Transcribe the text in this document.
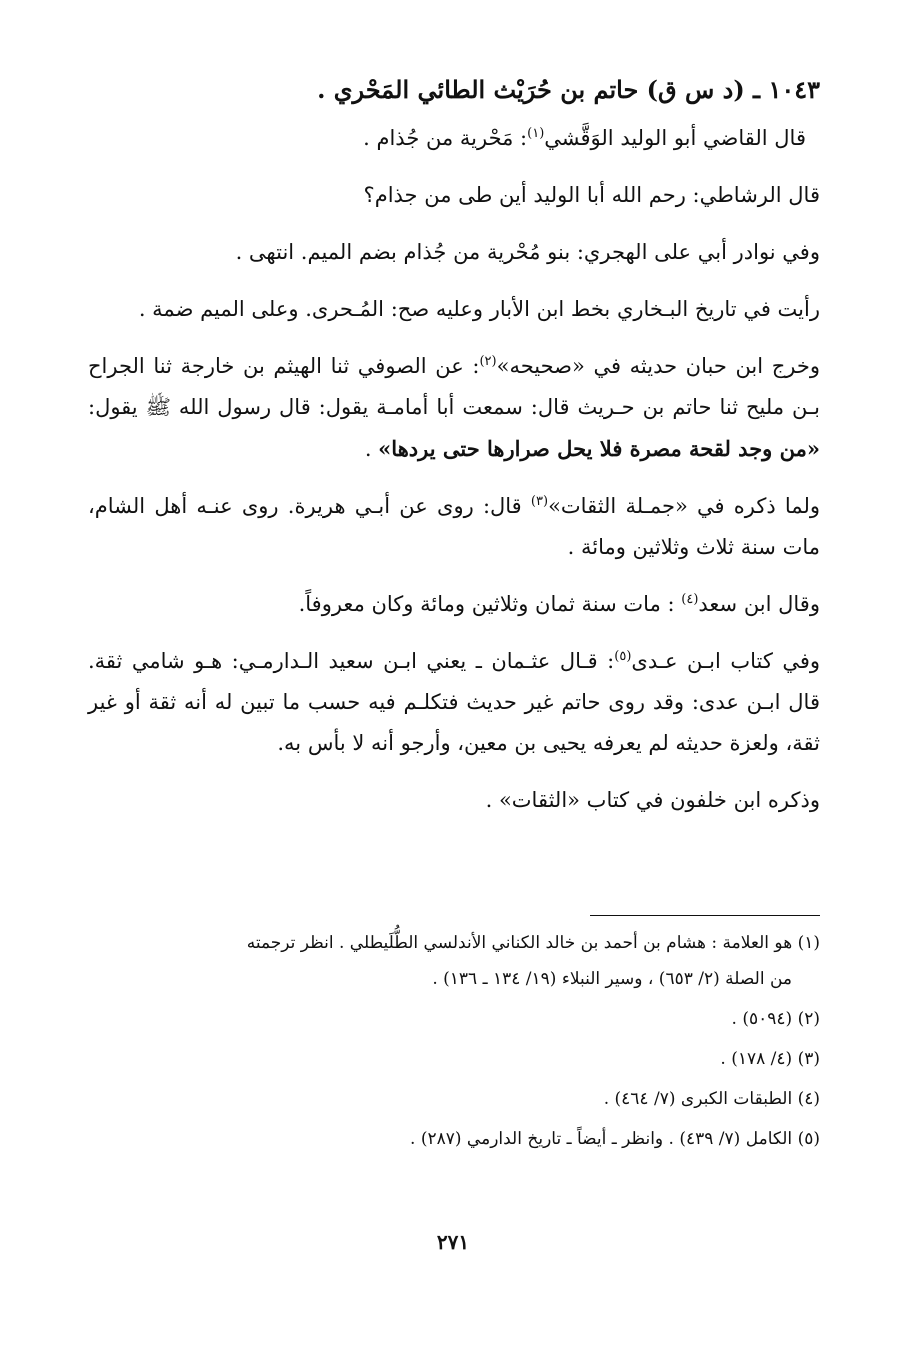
١٠٤٣ ـ (د س ق) حاتم بن حُرَيْث الطائي المَحْري .
قال القاضي أبو الوليد الوَقَّشي$^{(١)}$: مَحْرية من جُذام .
قال الرشاطي: رحم الله أبا الوليد أين طى من جذام؟
وفي نوادر أبي على الهجري: بنو مُحْرية من جُذام بضم الميم. انتهى .
رأيت في تاريخ البـخاري بخط ابن الأبار وعليه صح: المُـحرى. وعلى الميم ضمة .
وخرج ابن حبان حديثه في «صحيحه»$^{(٢)}$: عن الصوفي ثنا الهيثم بن خارجة ثنا الجراح بـن مليح ثنا حاتم بن حـريث قال: سمعت أبا أمامـة يقول: قال رسول الله ﷺ يقول: «من وجد لقحة مصرة فلا يحل صرارها حتى يردها» .
ولما ذكره في «جمـلة الثقات»$^{(٣)}$ قال: روى عن أبـي هريرة. روى عنـه أهل الشام، مات سنة ثلاث وثلاثين ومائة .
وقال ابن سعد$^{(٤)}$ : مات سنة ثمان وثلاثين ومائة وكان معروفاً.
وفي كتاب ابـن عـدى$^{(٥)}$: قـال عثـمان ـ يعني ابـن سعيد الـدارمـي: هـو شامي ثقة. قال ابـن عدى: وقد روى حاتم غير حديث فتكلـم فيه حسب ما تبين له أنه ثقة أو غير ثقة، ولعزة حديثه لم يعرفه يحيى بن معين، وأرجو أنه لا بأس به.
وذكره ابن خلفون في كتاب «الثقات» .
(١) هو العلامة : هشام بن أحمد بن خالد الكناني الأندلسي الطُّلَيطلي . انظر ترجمته
من الصلة (٢/ ٦٥٣) ، وسير النبلاء (١٩/ ١٣٤ ـ ١٣٦) .
(٢) (٥٠٩٤) .
(٣) (٤/ ١٧٨) .
(٤) الطبقات الكبرى (٧/ ٤٦٤) .
(٥) الكامل (٧/ ٤٣٩) . وانظر ـ أيضاً ـ تاريخ الدارمي (٢٨٧) .
٢٧١
